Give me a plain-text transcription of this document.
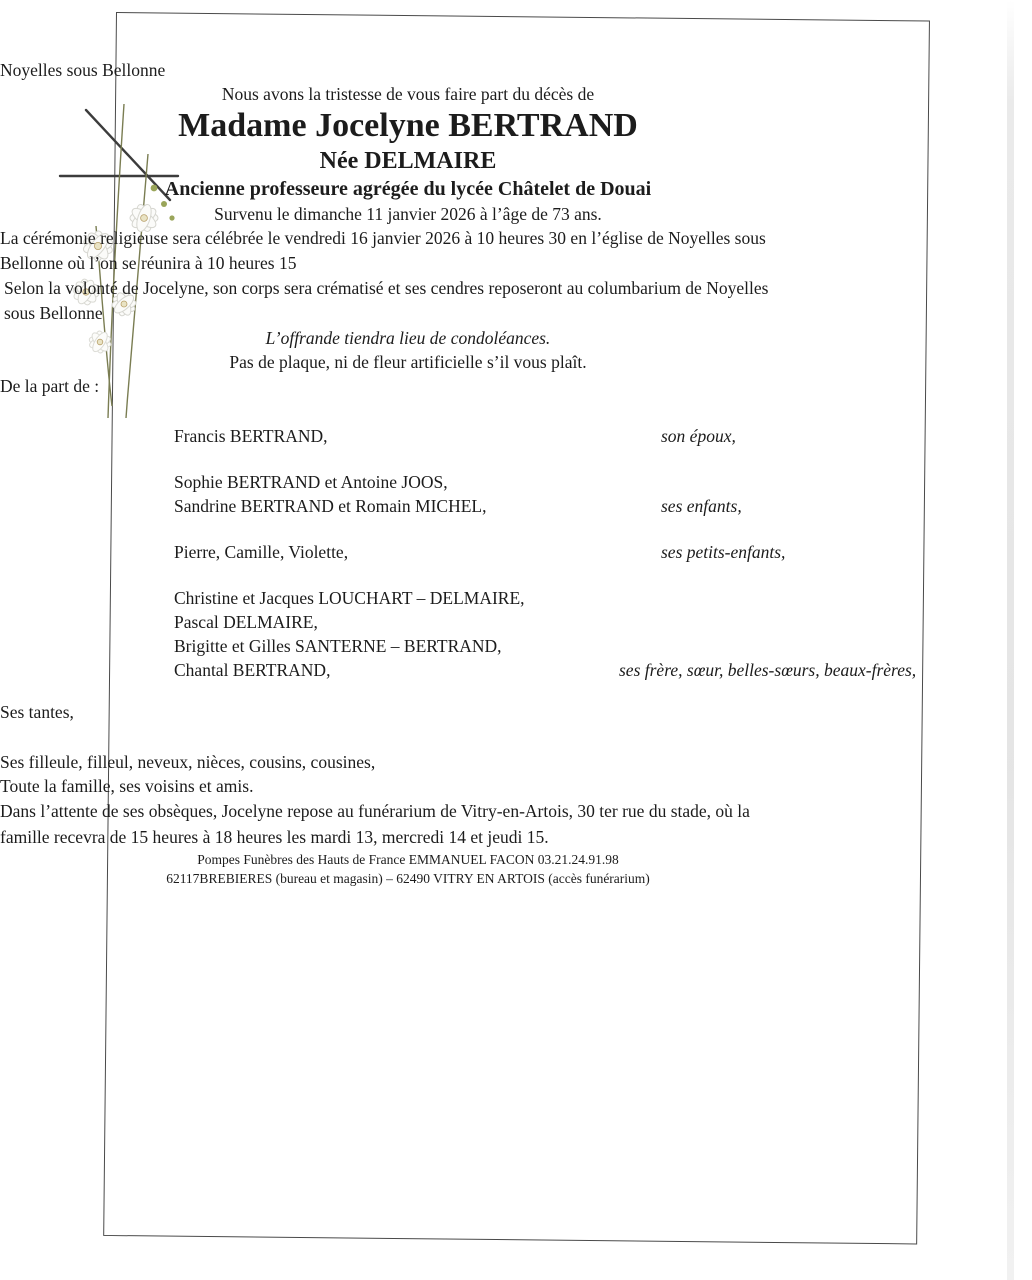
Noyelles sous Bellonne

Nous avons la tristesse de vous faire part du décès de

Madame Jocelyne BERTRAND

Née DELMAIRE

Ancienne professeure agrégée du lycée Châtelet de Douai

Survenu le dimanche 11 janvier 2026 à l’âge de 73 ans.

La cérémonie religieuse sera célébrée le vendredi 16 janvier 2026 à 10 heures 30 en l’église de Noyelles sous Bellonne où l’on se réunira à 10 heures 15

Selon la volonté de Jocelyne, son corps sera crématisé et ses cendres reposeront au columbarium de Noyelles sous Bellonne

L’offrande tiendra lieu de condoléances.

Pas de plaque, ni de fleur artificielle s’il vous plaît.

De la part de :

Francis BERTRAND,	son époux,

Sophie BERTRAND et Antoine JOOS,

Sandrine BERTRAND et Romain MICHEL,	ses enfants,

Pierre, Camille, Violette,	ses petits-enfants,

Christine et Jacques LOUCHART – DELMAIRE,

Pascal DELMAIRE,

Brigitte et Gilles SANTERNE – BERTRAND,

Chantal BERTRAND,	ses frère, sœur, belles-sœurs, beaux-frères,

Ses tantes,

Ses filleule, filleul, neveux, nièces, cousins, cousines,

Toute la famille, ses voisins et amis.

Dans l’attente de ses obsèques, Jocelyne repose au funérarium de Vitry-en-Artois, 30 ter rue du stade, où la famille recevra de 15 heures à 18 heures les mardi 13, mercredi 14 et jeudi 15.

Pompes Funèbres des Hauts de France EMMANUEL FACON 03.21.24.91.98
62117BREBIERES (bureau et magasin) – 62490 VITRY EN ARTOIS (accès funérarium)
